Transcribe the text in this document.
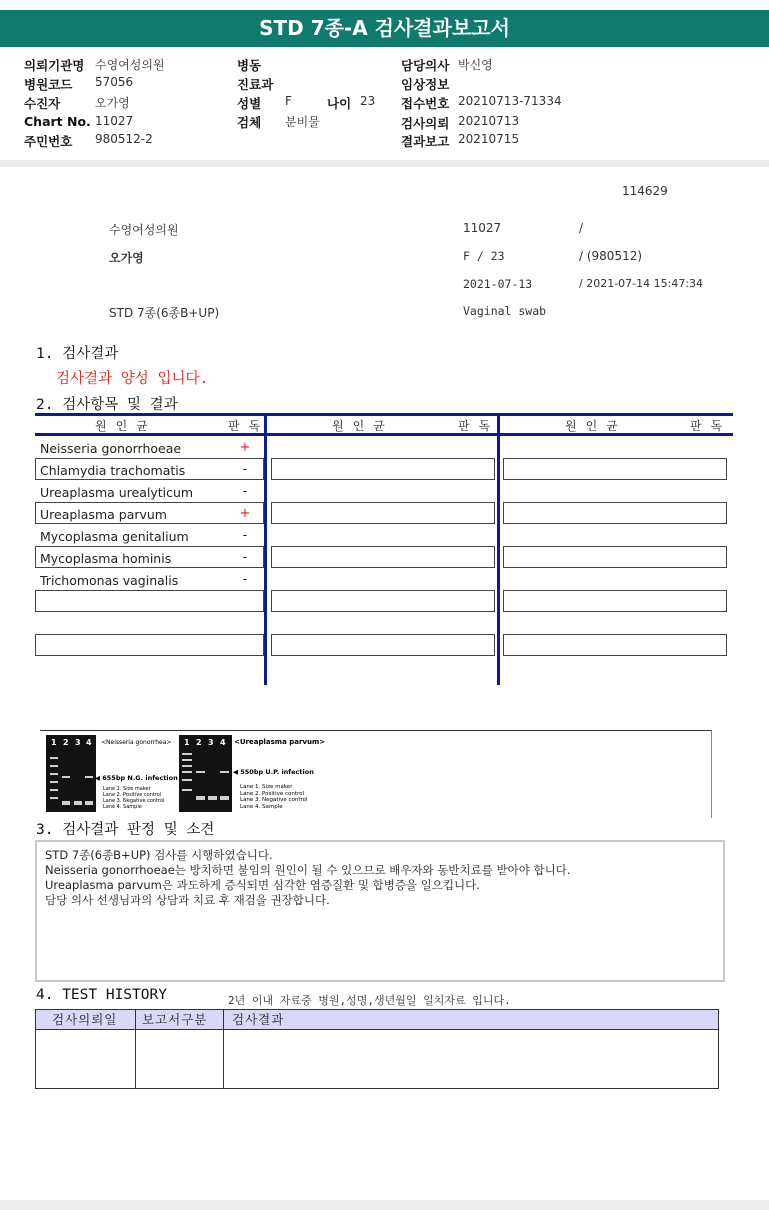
STD 7종-A 검사결과보고서
의뢰기관명 수영여성의원
병원코드 57056
수진자	오가영
Chart No. 11027
주민번호 980512-2
병동
진료과
성별 F	나이 23
검체 분비물
담당의사 박신영
임상정보
접수번호 20210713-71334
검사의뢰 20210713
결과보고 20210715
114629
수영여성의원	11027	/
오가영	F / 23	/ (980512)
2021-07-13	/ 2021-07-14 15:47:34
STD 7종(6종B+UP)	Vaginal swab
1. 검사결과
검사결과 양성 입니다.
2. 검사항목 및 결과
원인균	판독	원인균	판독	원인균	판독
Neisseria gonorrhoeae	+
Chlamydia trachomatis	-
Ureaplasma urealyticum	-
Ureaplasma parvum	+
Mycoplasma genitalium	-
Mycoplasma hominis	-
Trichomonas vaginalis	-
1 2 3 4 <Neisseria gonorrhea>
◀ 655bp N.G. infection
Lane 1. Size maker
Lane 2. Positive control
Lane 3. Negative control
Lane 4. Sample
1 2 3 4 <Ureaplasma parvum>
◀ 550bp U.P. infection
Lane 1. Size maker
Lane 2. Positive control
Lane 3. Negative control
Lane 4. Sample
3. 검사결과 판정 및 소견
STD 7종(6종B+UP) 검사를 시행하였습니다.
Neisseria gonorrhoeae는 방치하면 불임의 원인이 될 수 있으므로 배우자와 동반치료를 받아야 합니다.
Ureaplasma parvum은 과도하게 증식되면 심각한 염증질환 및 합병증을 일으킵니다.
담당 의사 선생님과의 상담과 치료 후 재검을 권장합니다.
4. TEST HISTORY	2년 이내 자료중 병원,성명,생년월일 일치자료 입니다.
검사의뢰일 보고서구분 검사결과
